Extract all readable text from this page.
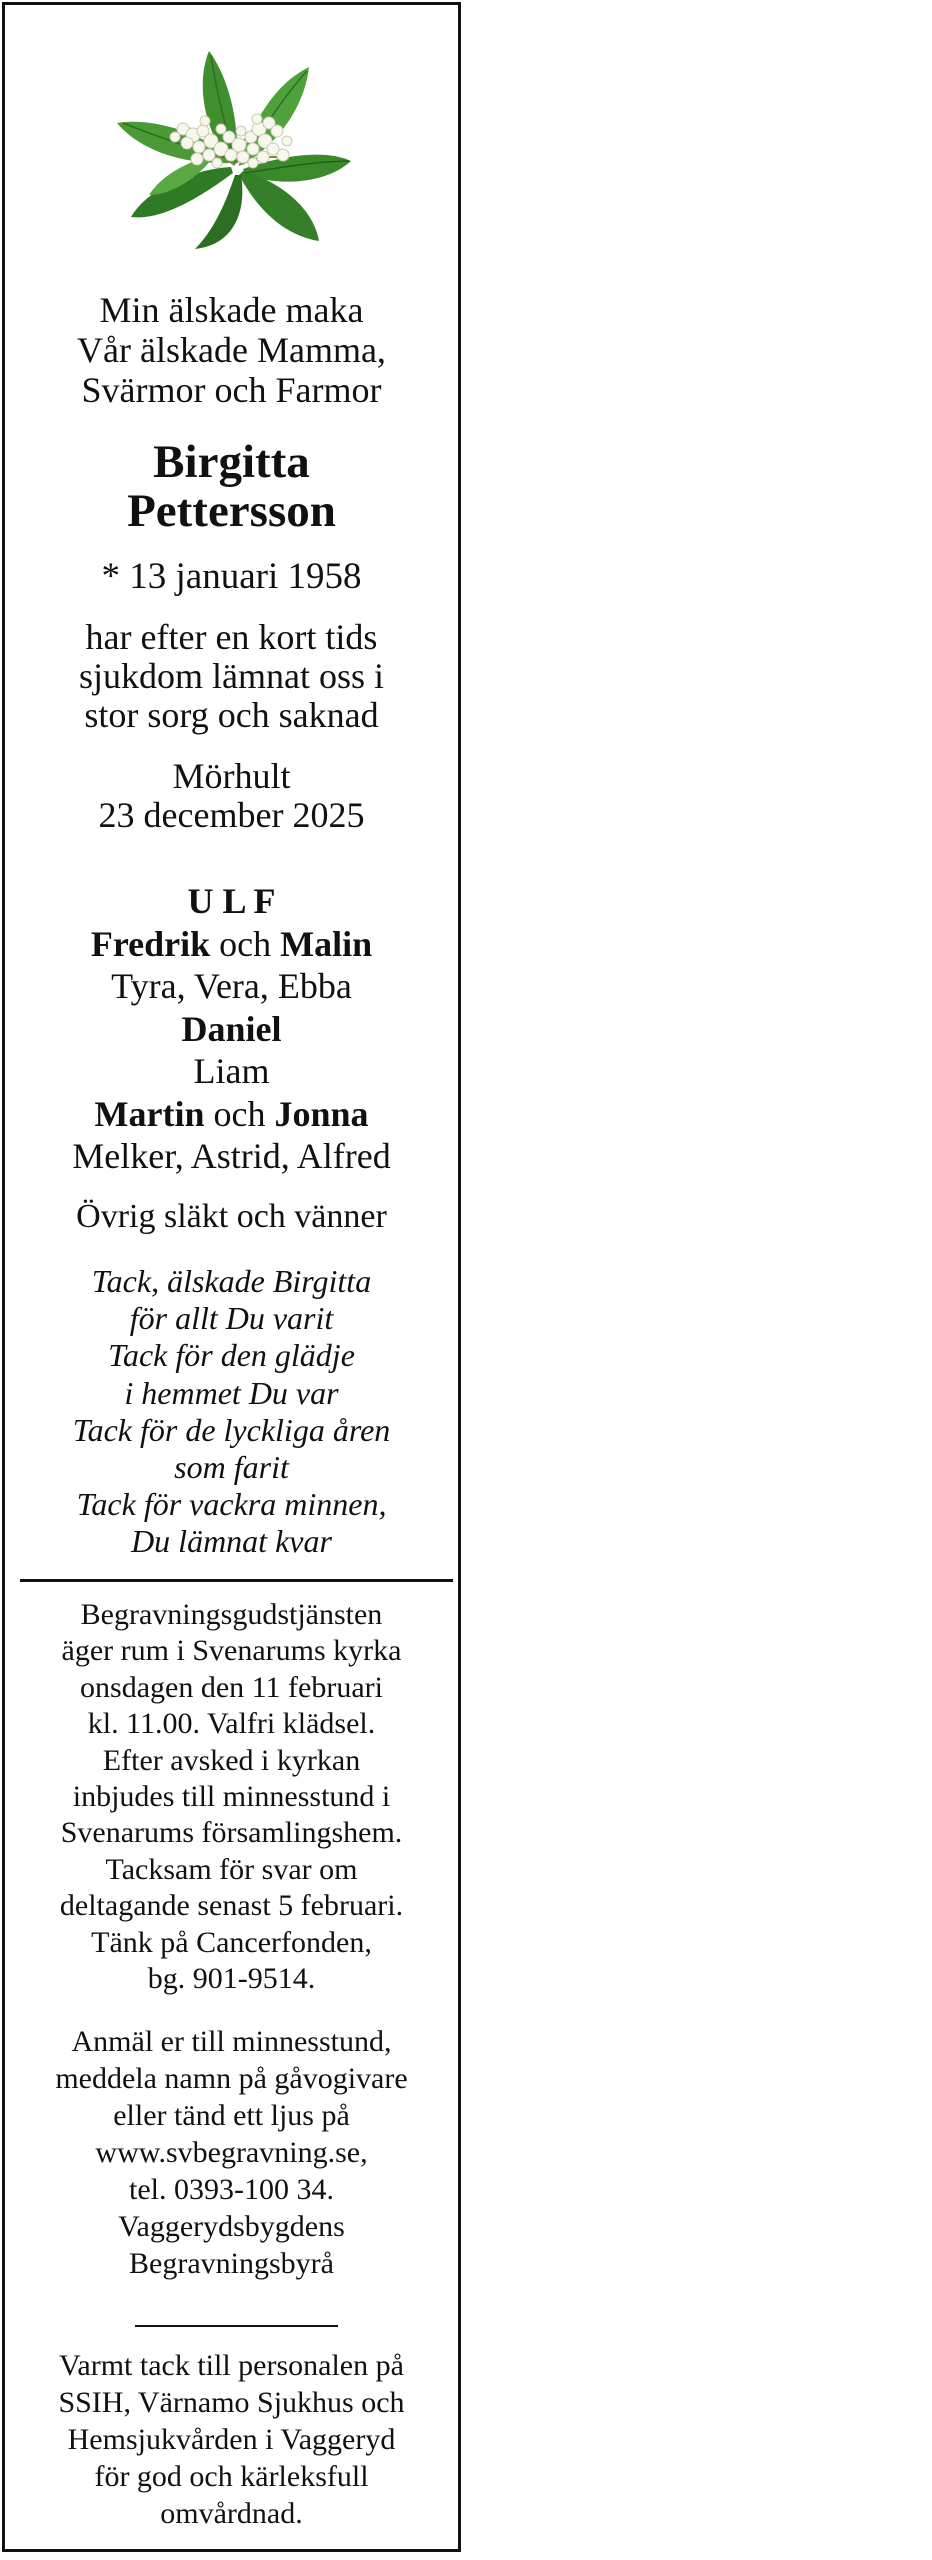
Min älskade maka
Vår älskade Mamma,
Svärmor och Farmor
Birgitta
Pettersson
* 13 januari 1958
har efter en kort tids
sjukdom lämnat oss i
stor sorg och saknad
Mörhult
23 december 2025
U L F
Fredrik och Malin
Tyra, Vera, Ebba
Daniel
Liam
Martin och Jonna
Melker, Astrid, Alfred
Övrig släkt och vänner
Tack, älskade Birgitta
för allt Du varit
Tack för den glädje
i hemmet Du var
Tack för de lyckliga åren
som farit
Tack för vackra minnen,
Du lämnat kvar
Begravningsgudstjänsten
äger rum i Svenarums kyrka
onsdagen den 11 februari
kl. 11.00. Valfri klädsel.
Efter avsked i kyrkan
inbjudes till minnesstund i
Svenarums församlingshem.
Tacksam för svar om
deltagande senast 5 februari.
Tänk på Cancerfonden,
bg. 901-9514.
Anmäl er till minnesstund,
meddela namn på gåvogivare
eller tänd ett ljus på
www.svbegravning.se,
tel. 0393-100 34.
Vaggerydsbygdens
Begravningsbyrå
Varmt tack till personalen på
SSIH, Värnamo Sjukhus och
Hemsjukvården i Vaggeryd
för god och kärleksfull
omvårdnad.
